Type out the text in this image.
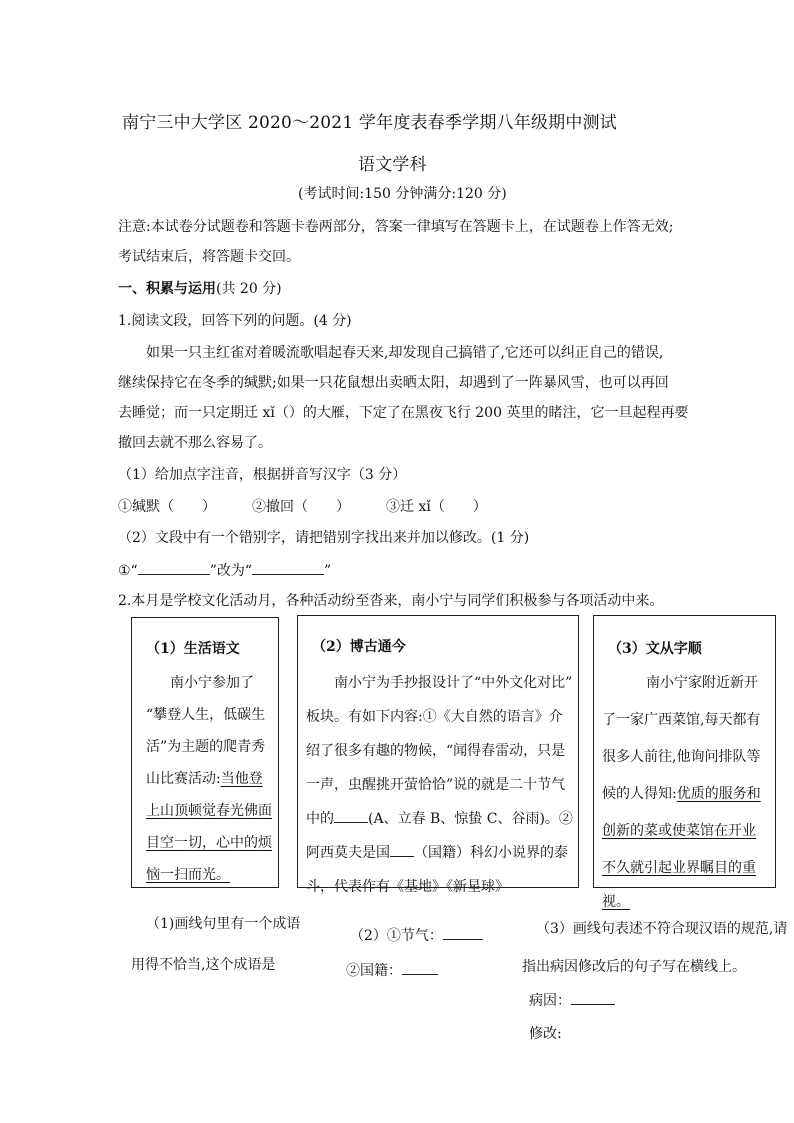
南宁三中大学区 2020～2021 学年度表春季学期八年级期中测试
语文学科
(考试时间:150 分钟满分:120 分)
注意:本试卷分试题卷和答题卡卷两部分，答案一律填写在答题卡上，在试题卷上作答无效;
考试结束后，将答题卡交回。
一、积累与运用(共 20 分)
1.阅读文段，回答下列的问题。(4 分)
如果一只主红雀对着暖流歌唱起春天来,却发现自己搞错了,它还可以纠正自己的错误,
继续保持它在冬季的缄默;如果一只花鼠想出卖晒太阳，却遇到了一阵暴风雪，也可以再回
去睡觉；而一只定期迁 xǐ（）的大雁，下定了在黑夜飞行 200 英里的睹注，它一旦起程再要
撤回去就不那么容易了。
（1）给加点字注音，根据拼音写汉字（3 分）
①缄默（　　）	②撤回（　　）	③迁 xǐ（　　）
（2）文段中有一个错别字，请把错别字找出来并加以修改。(1 分)
①“	”改为“	”
2.本月是学校文化活动月，各种活动纷至沓来，南小宁与同学们积极参与各项活动中来。
（1）生活语文
南小宁参加了
“攀登人生，低碳生
活”为主题的爬青秀
山比赛活动:当他登
上山顶顿觉春光佛面
目空一切，心中的烦
恼一扫而光。
（2）博古通今
南小宁为手抄报设计了“中外文化对比”
板块。有如下内容:①《大自然的语言》介
绍了很多有趣的物候，“闻得春雷动，只是
一声，虫醒挑开萤恰恰”说的就是二十节气
中的 (A、立春 B、惊蛰 C、谷雨)。②
阿西莫夫是国 （国籍）科幻小说界的泰
斗，代表作有《基地》《新星球》
（3）文从字顺
南小宁家附近新开
了一家广西菜馆,每天都有
很多人前往,他询问排队等
候的人得知:优质的服务和
创新的菜或使菜馆在开业
不久就引起业界瞩目的重
视。
（1)画线句里有一个成语
用得不恰当,这个成语是
（2）①节气：
②国籍：
（3）画线句表述不符合现汉语的规范,请
指出病因修改后的句子写在横线上。
病因：
修改:
